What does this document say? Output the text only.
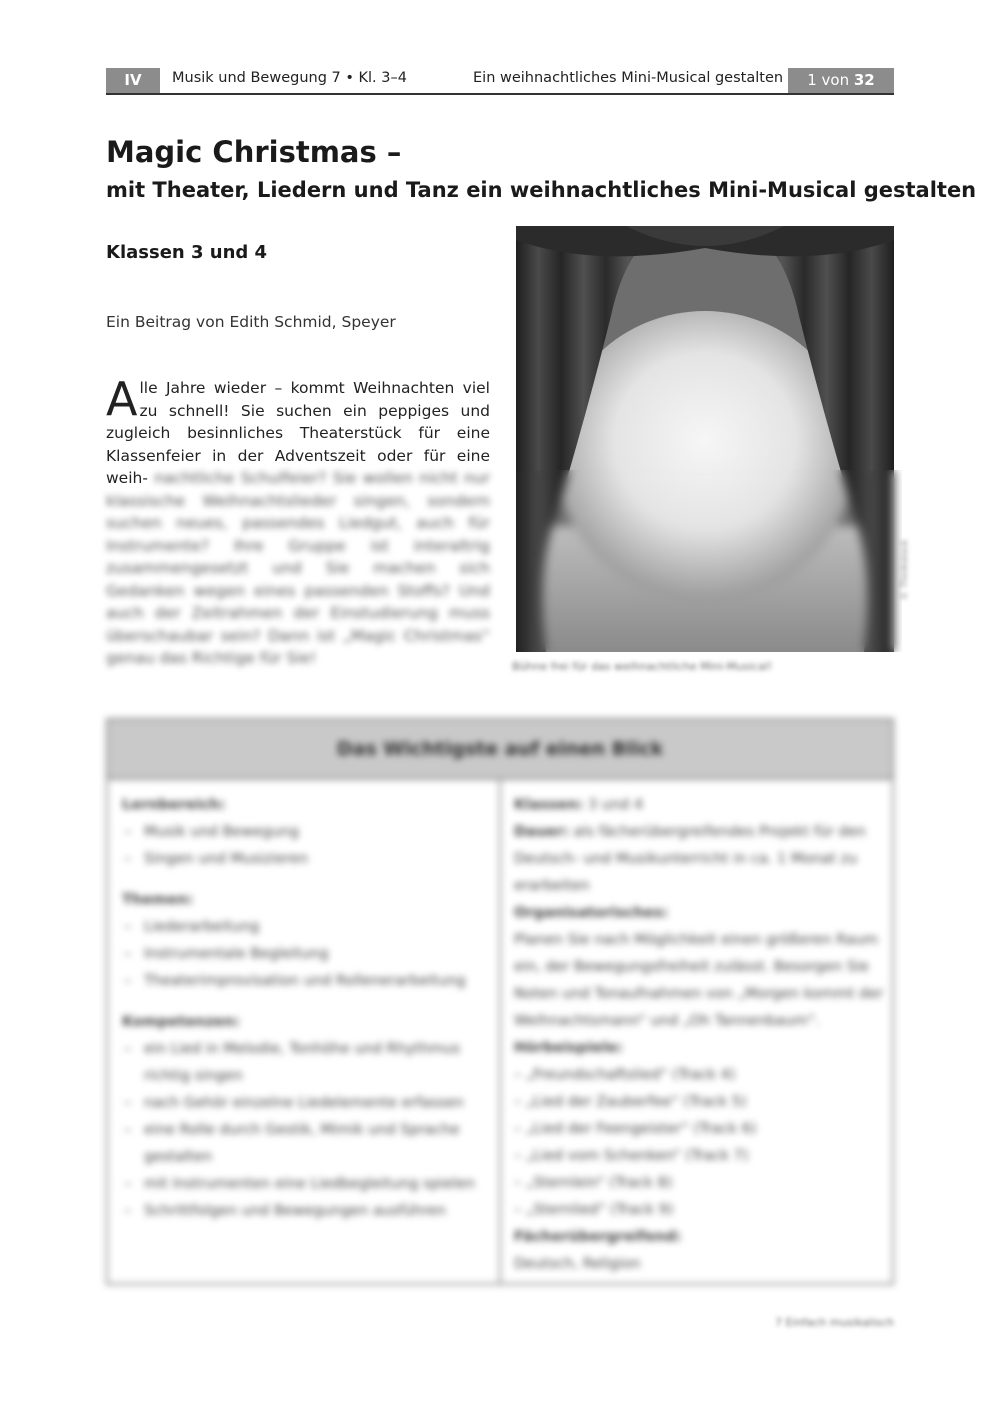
IV	Musik und Bewegung 7 • Kl. 3–4	Ein weihnachtliches Mini-Musical gestalten	1 von 32
Magic Christmas –
mit Theater, Liedern und Tanz ein weihnachtliches Mini-Musical gestalten
Klassen 3 und 4
Ein Beitrag von Edith Schmid, Speyer
Alle Jahre wieder – kommt Weihnachten viel zu schnell! Sie suchen ein peppiges und zugleich besinnliches Theaterstück für eine Klassenfeier in der Adventszeit oder für eine weih- nachtliche Schulfeier? Sie wollen nicht nur klassische Weihnachtslieder singen, sondern suchen neues, passendes Liedgut, auch für Instrumente? Ihre Gruppe ist interaltrig zusammengesetzt und Sie machen sich Gedanken wegen eines passenden Stoffs? Und auch der Zeitrahmen der Einstudierung muss überschaubar sein? Dann ist „Magic Christmas“ genau das Richtige für Sie!	Bühne frei für das weihnachtliche Mini-Musical!
© Thinkstock
Das Wichtigste auf einen Blick
Lernbereich:
– Musik und Bewegung
– Singen und Musizieren
Themen:
– Liederarbeitung
– Instrumentale Begleitung
– Theaterimprovisation und Rollenerarbeitung
Kompetenzen:
– ein Lied in Melodie, Tonhöhe und Rhythmus richtig singen
– nach Gehör einzelne Liedelemente erfassen
– eine Rolle durch Gestik, Mimik und Sprache gestalten
– mit Instrumenten eine Liedbegleitung spielen
– Schrittfolgen und Bewegungen ausführen

Klassen: 3 und 4

Dauer: als fächerübergreifendes Projekt für den Deutsch- und Musikunterricht in ca. 1 Monat zu erarbeiten

Organisatorisches:

Planen Sie nach Möglichkeit einen größeren Raum ein, der Bewegungsfreiheit zulässt. Besorgen Sie Noten und Tonaufnahmen von „Morgen kommt der Weihnachtsmann“ und „Oh Tannenbaum“.

Hörbeispiele:

– „Freundschaftslied“ (Track 4)

– „Lied der Zauberfee“ (Track 5)

– „Lied der Feengeister“ (Track 6)

– „Lied vom Schenken“ (Track 7)

– „Sternlein“ (Track 8)

– „Sternlied“ (Track 9)

Fächerübergreifend:

Deutsch, Religion

7 Einfach musikalisch
